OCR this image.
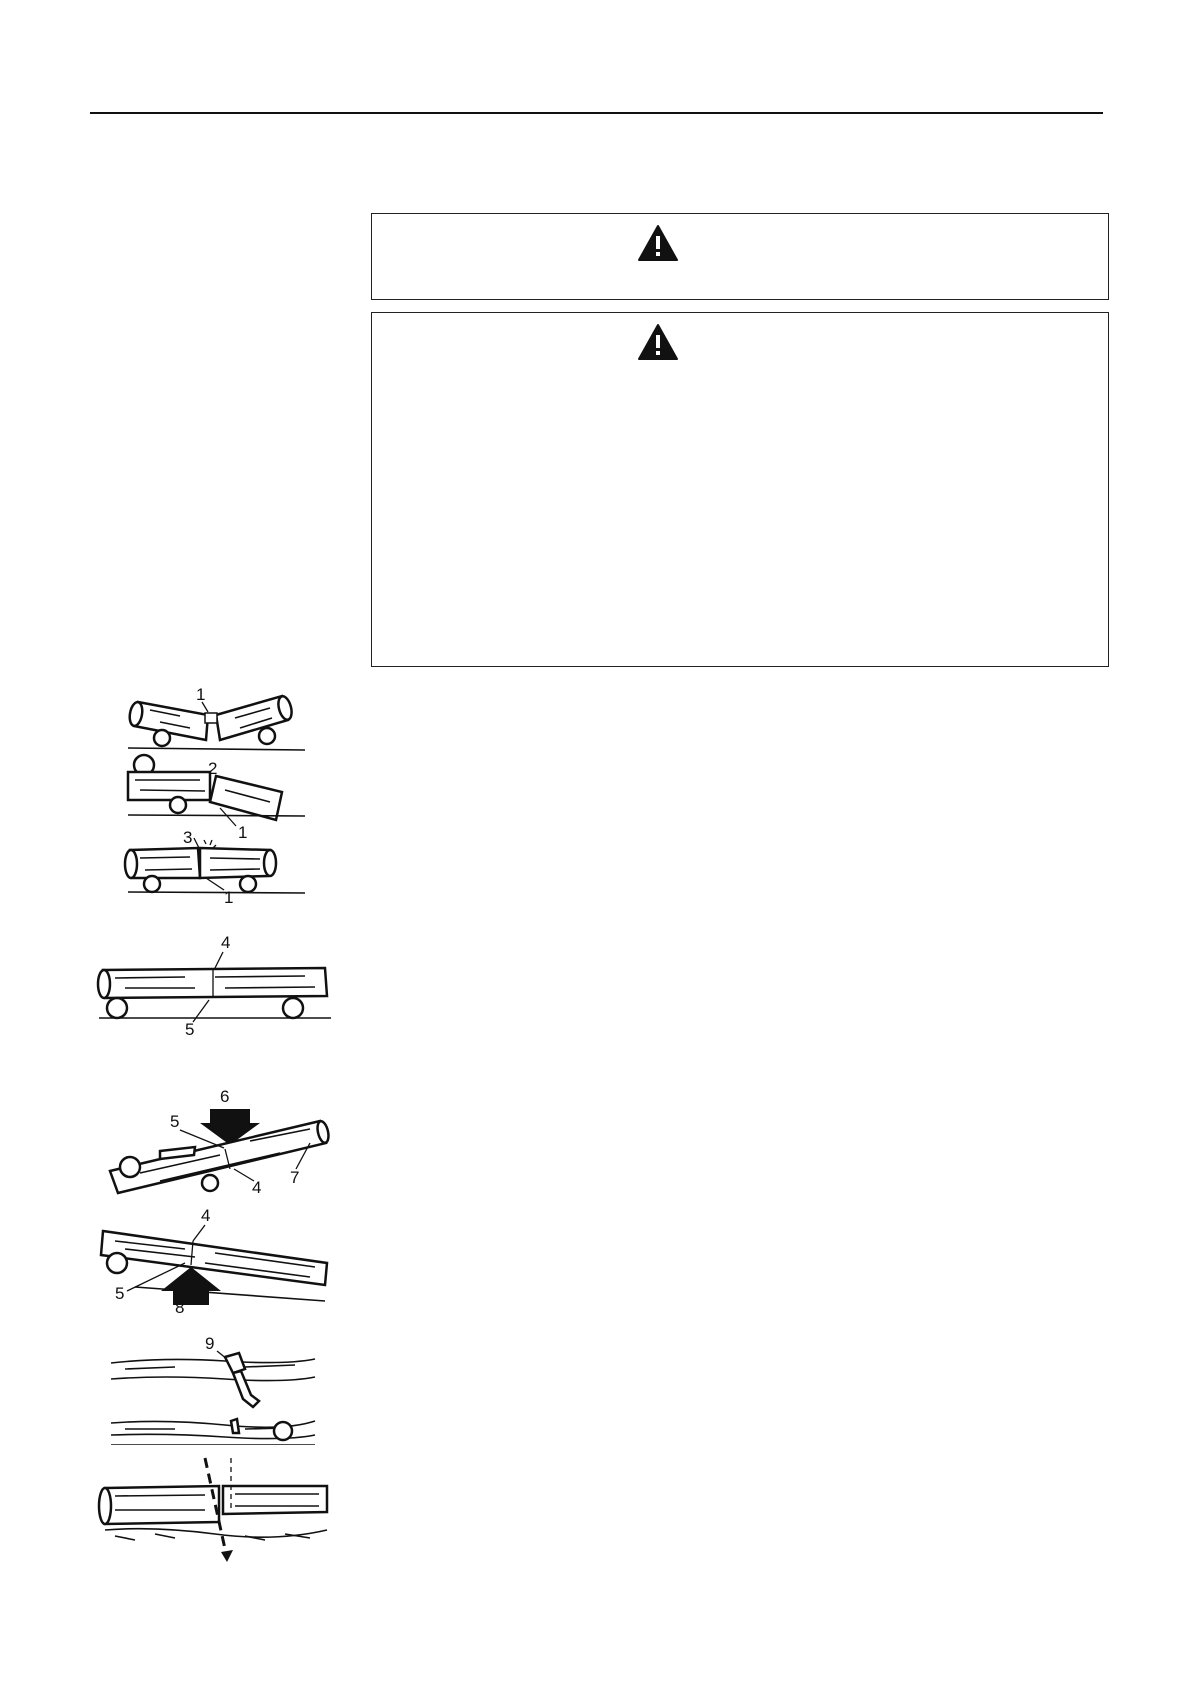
1
2
1
3
1
4
5
6
5
4
7
4
5
8
9
